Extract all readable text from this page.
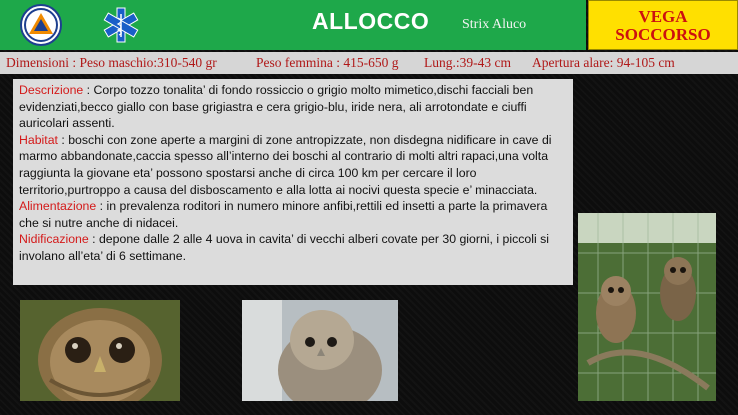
ALLOCCO Strix Aluco	VEGA
SOCCORSO
Dimensioni : Peso maschio:310-540 gr	Peso femmina : 415-650 g Lung.:39-43 cm Apertura alare: 94-105 cm

Descrizione : Corpo tozzo tonalita’ di fondo rossiccio o grigio molto mimetico,dischi facciali ben evidenziati,becco giallo con base grigiastra e cera grigio-blu, iride nera, ali arrotondate e ciuffi auricolari assenti.

Habitat : boschi con zone aperte a margini di zone antropizzate, non disdegna nidificare in cave di marmo abbandonate,caccia spesso all’interno dei boschi al contrario di molti altri rapaci,una volta raggiunta la giovane eta’ possono spostarsi anche di circa 100 km per cercare il loro territorio,purtroppo a causa del disboscamento e alla lotta ai nocivi questa specie e’ minacciata.

Alimentazione : in prevalenza roditori in numero minore anfibi,rettili ed insetti a parte la primavera che si nutre anche di nidacei.

Nidificazione : depone dalle 2 alle 4 uova in cavita’ di vecchi alberi covate per 30 giorni, i piccoli si involano all’eta’ di 6 settimane.
